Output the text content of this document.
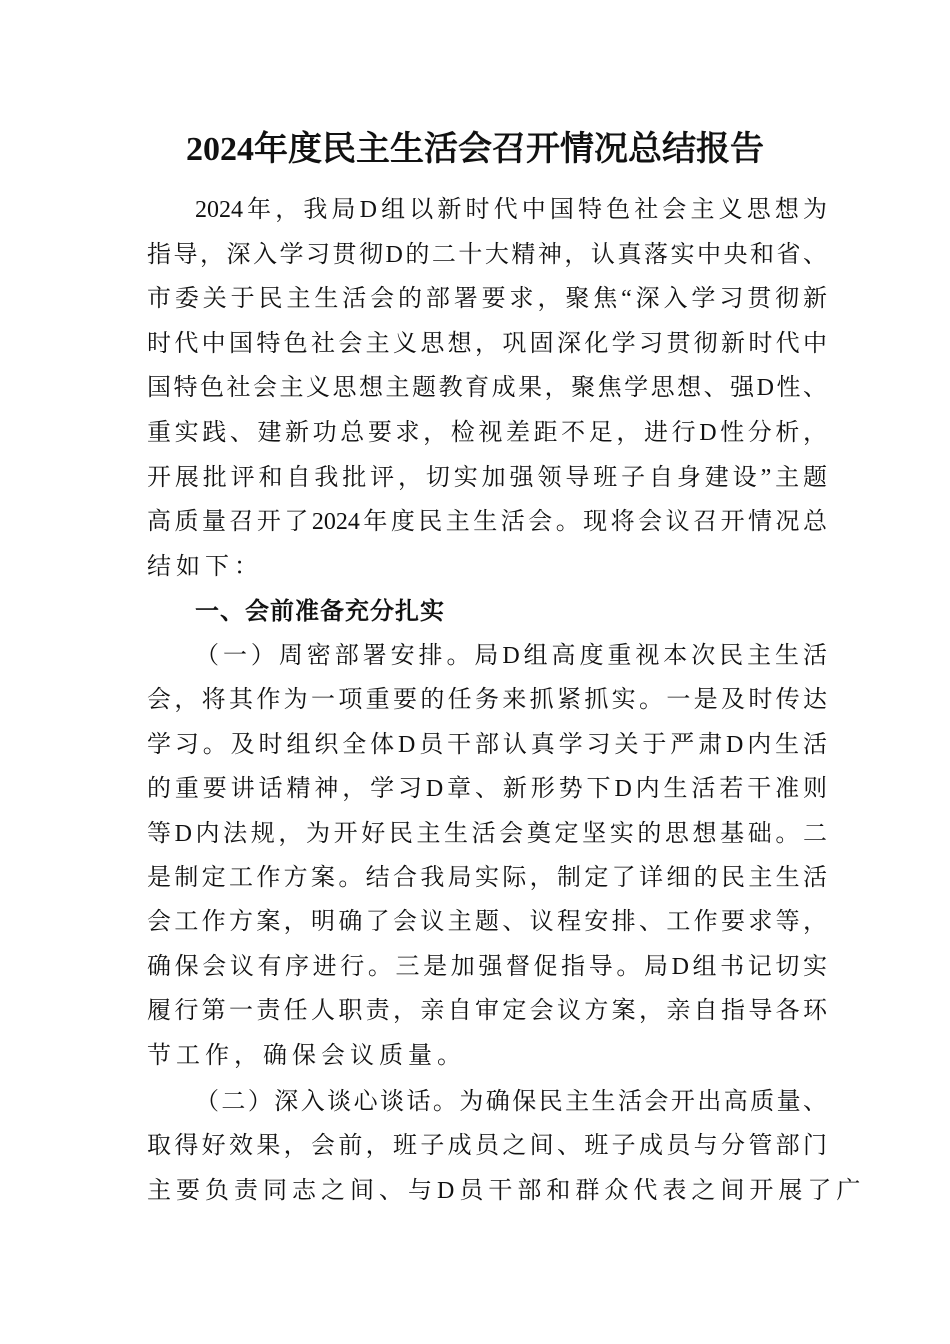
2024年度民主生活会召开情况总结报告
2024年，我局D组以新时代中国特色社会主义思想为
指导，深入学习贯彻D的二十大精神，认真落实中央和省、
市委关于民主生活会的部署要求，聚焦“深入学习贯彻新
时代中国特色社会主义思想，巩固深化学习贯彻新时代中
国特色社会主义思想主题教育成果，聚焦学思想、强D性、
重实践、建新功总要求，检视差距不足，进行D性分析，
开展批评和自我批评，切实加强领导班子自身建设”主题
高质量召开了2024年度民主生活会。现将会议召开情况总
结如下：
一、会前准备充分扎实
（一）周密部署安排。局D组高度重视本次民主生活
会，将其作为一项重要的任务来抓紧抓实。一是及时传达
学习。及时组织全体D员干部认真学习关于严肃D内生活
的重要讲话精神，学习D章、新形势下D内生活若干准则
等D内法规，为开好民主生活会奠定坚实的思想基础。二
是制定工作方案。结合我局实际，制定了详细的民主生活
会工作方案，明确了会议主题、议程安排、工作要求等，
确保会议有序进行。三是加强督促指导。局D组书记切实
履行第一责任人职责，亲自审定会议方案，亲自指导各环
节工作，确保会议质量。
（二）深入谈心谈话。为确保民主生活会开出高质量、
取得好效果，会前，班子成员之间、班子成员与分管部门
主要负责同志之间、与D员干部和群众代表之间开展了广
